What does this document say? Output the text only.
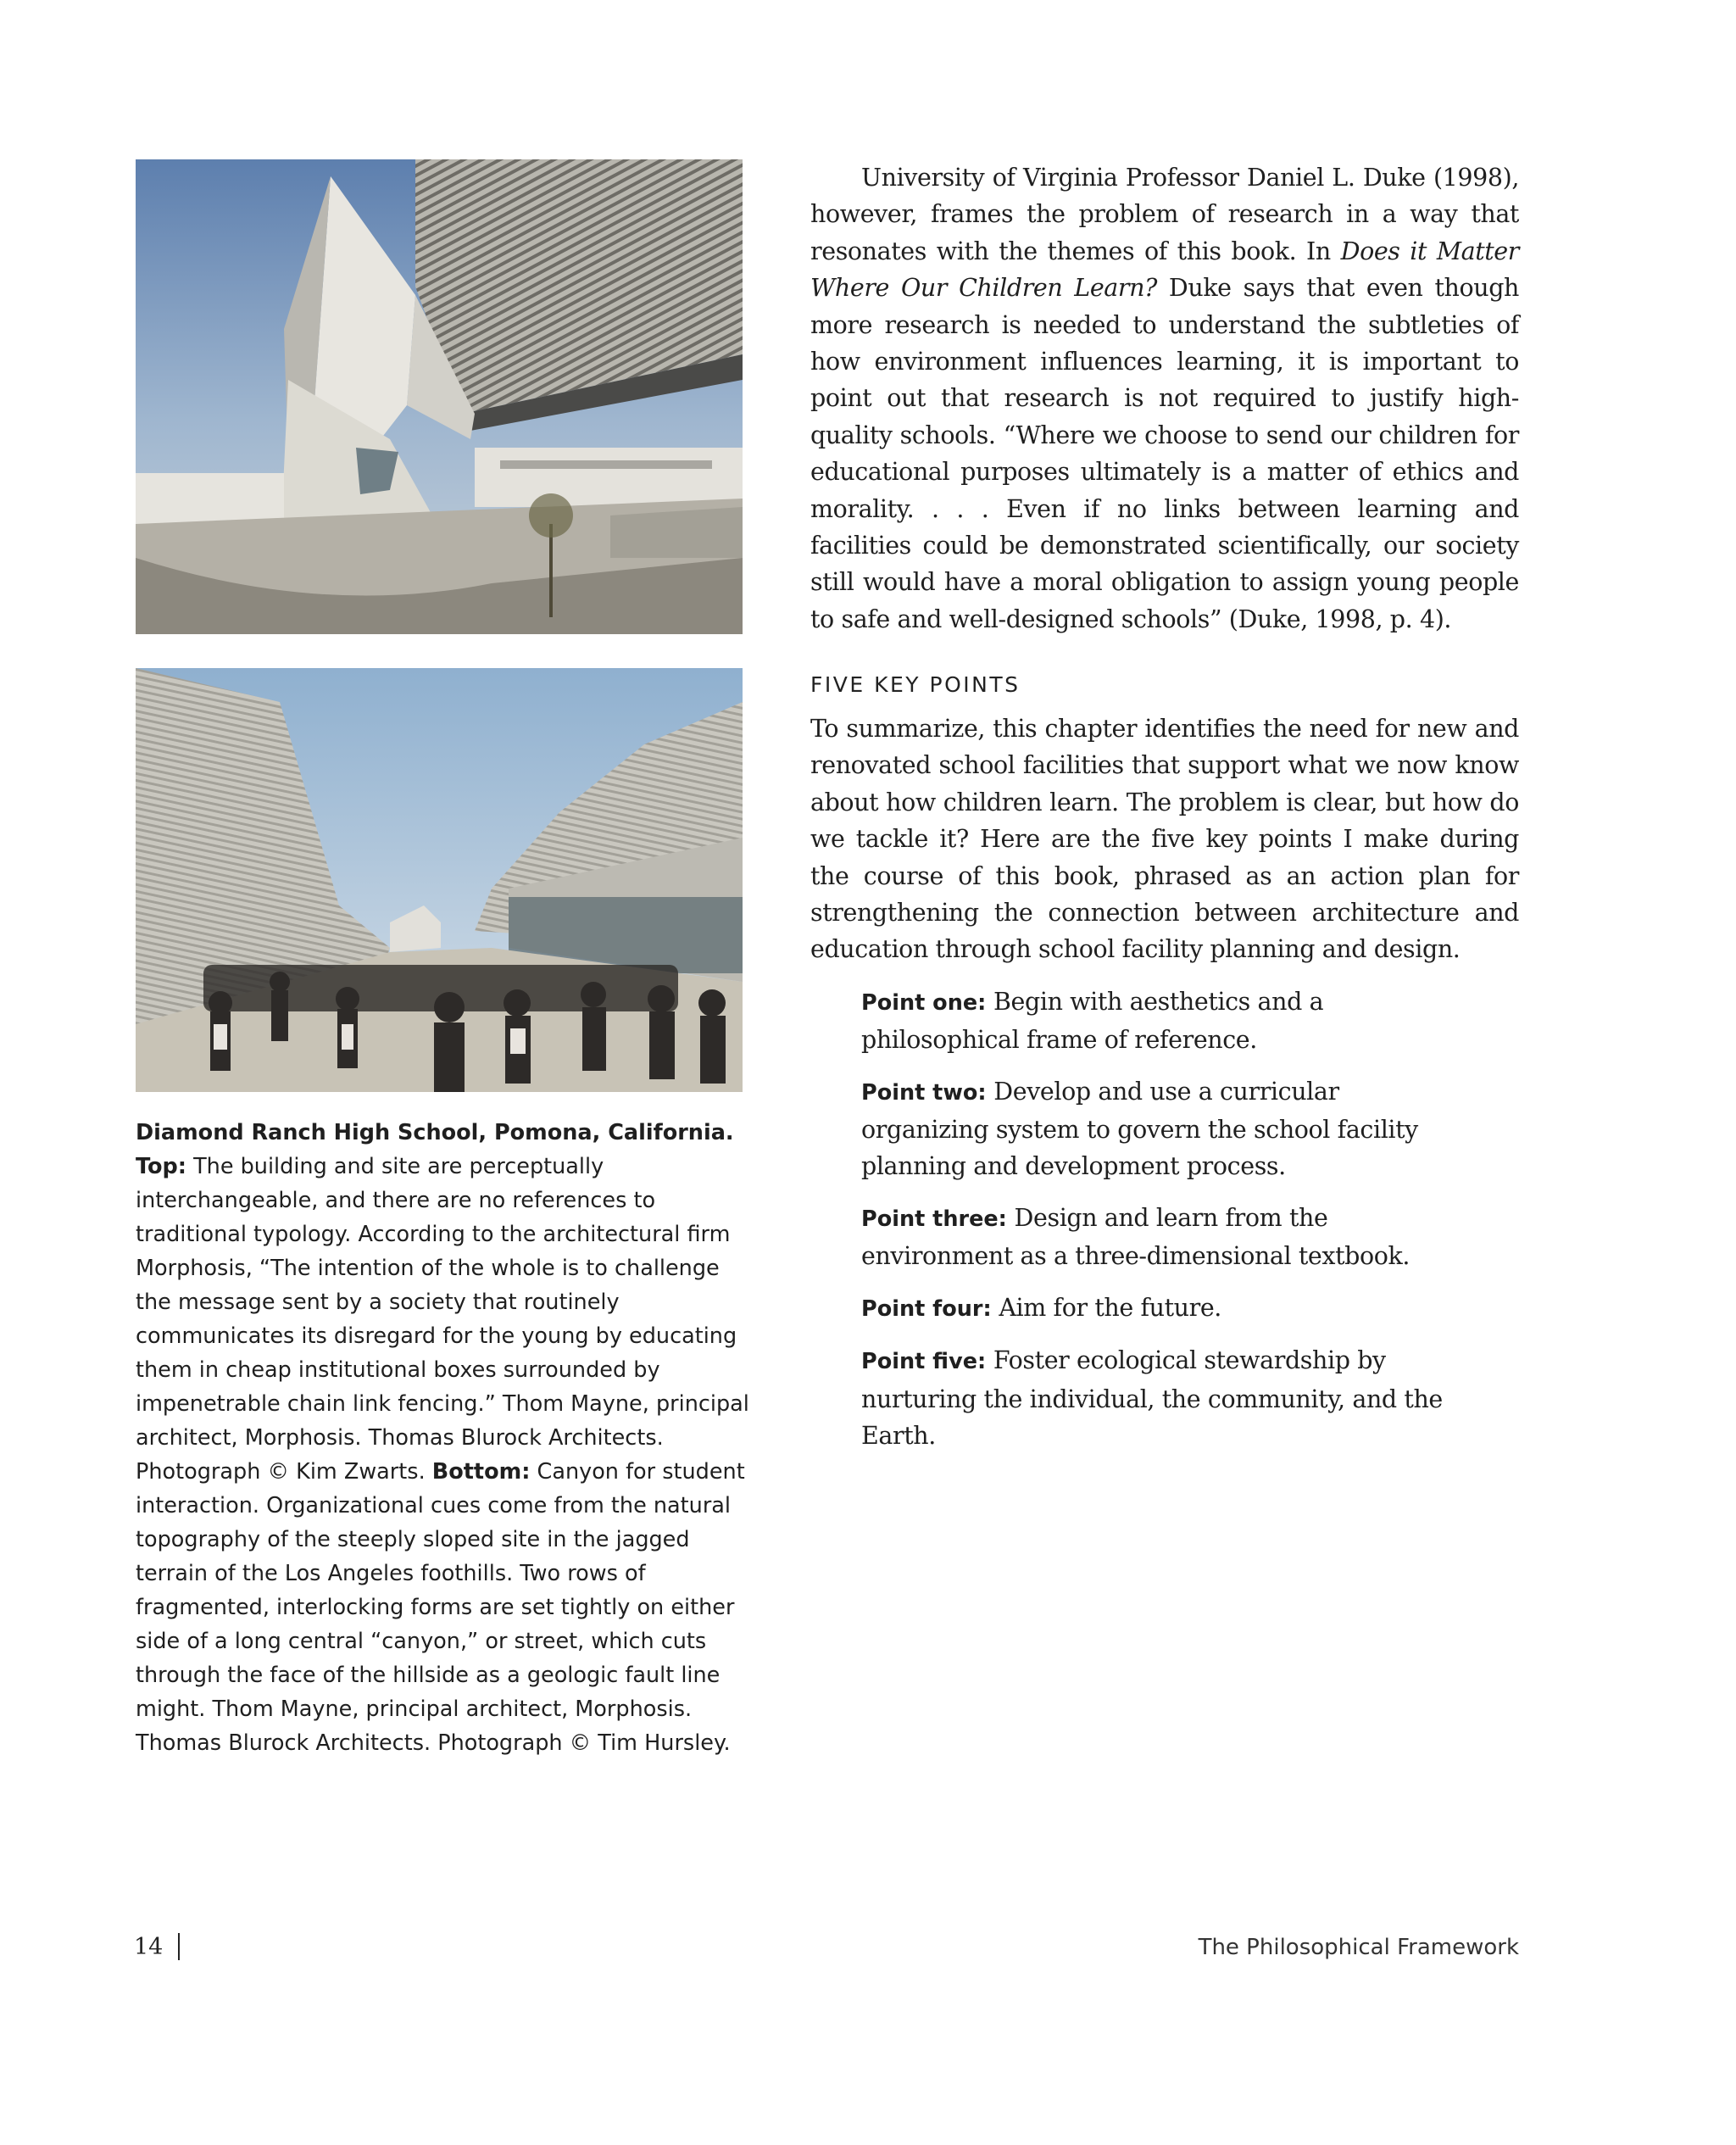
Diamond Ranch High School, Pomona, California.
Top: The building and site are perceptually interchangeable, and there are no references to traditional typology. According to the architectural firm Morphosis, “The intention of the whole is to challenge the message sent by a society that routinely communicates its disregard for the young by educating them in cheap institutional boxes surrounded by impenetrable chain link fencing.” Thom Mayne, principal architect, Morphosis. Thomas Blurock Architects. Photograph © Kim Zwarts. Bottom: Canyon for student interaction. Organizational cues come from the natural topography of the steeply sloped site in the jagged terrain of the Los Angeles foothills. Two rows of fragmented, interlocking forms are set tightly on either side of a long central “canyon,” or street, which cuts through the face of the hillside as a geologic fault line might. Thom Mayne, principal architect, Morphosis. Thomas Blurock Architects. Photograph © Tim Hursley.

University of Virginia Professor Daniel L. Duke (1998), however, frames the problem of research in a way that resonates with the themes of this book. In Does it Matter Where Our Children Learn? Duke says that even though more research is needed to understand the subtleties of how environment influences learning, it is important to point out that research is not required to justify high-quality schools. “Where we choose to send our children for educational purposes ultimately is a matter of ethics and morality. . . . Even if no links between learning and facilities could be demonstrated scientifically, our society still would have a moral obligation to assign young people to safe and well-designed schools” (Duke, 1998, p. 4).

FIVE KEY POINTS

To summarize, this chapter identifies the need for new and renovated school facilities that support what we now know about how children learn. The problem is clear, but how do we tackle it? Here are the five key points I make during the course of this book, phrased as an action plan for strengthening the connection between architecture and education through school facility planning and design.

Point one: Begin with aesthetics and a philosophical frame of reference.
Point two: Develop and use a curricular organizing system to govern the school facility planning and development process.
Point three: Design and learn from the environment as a three-dimensional textbook.
Point four: Aim for the future.
Point five: Foster ecological stewardship by nurturing the individual, the community, and the Earth.
14	The Philosophical Framework
